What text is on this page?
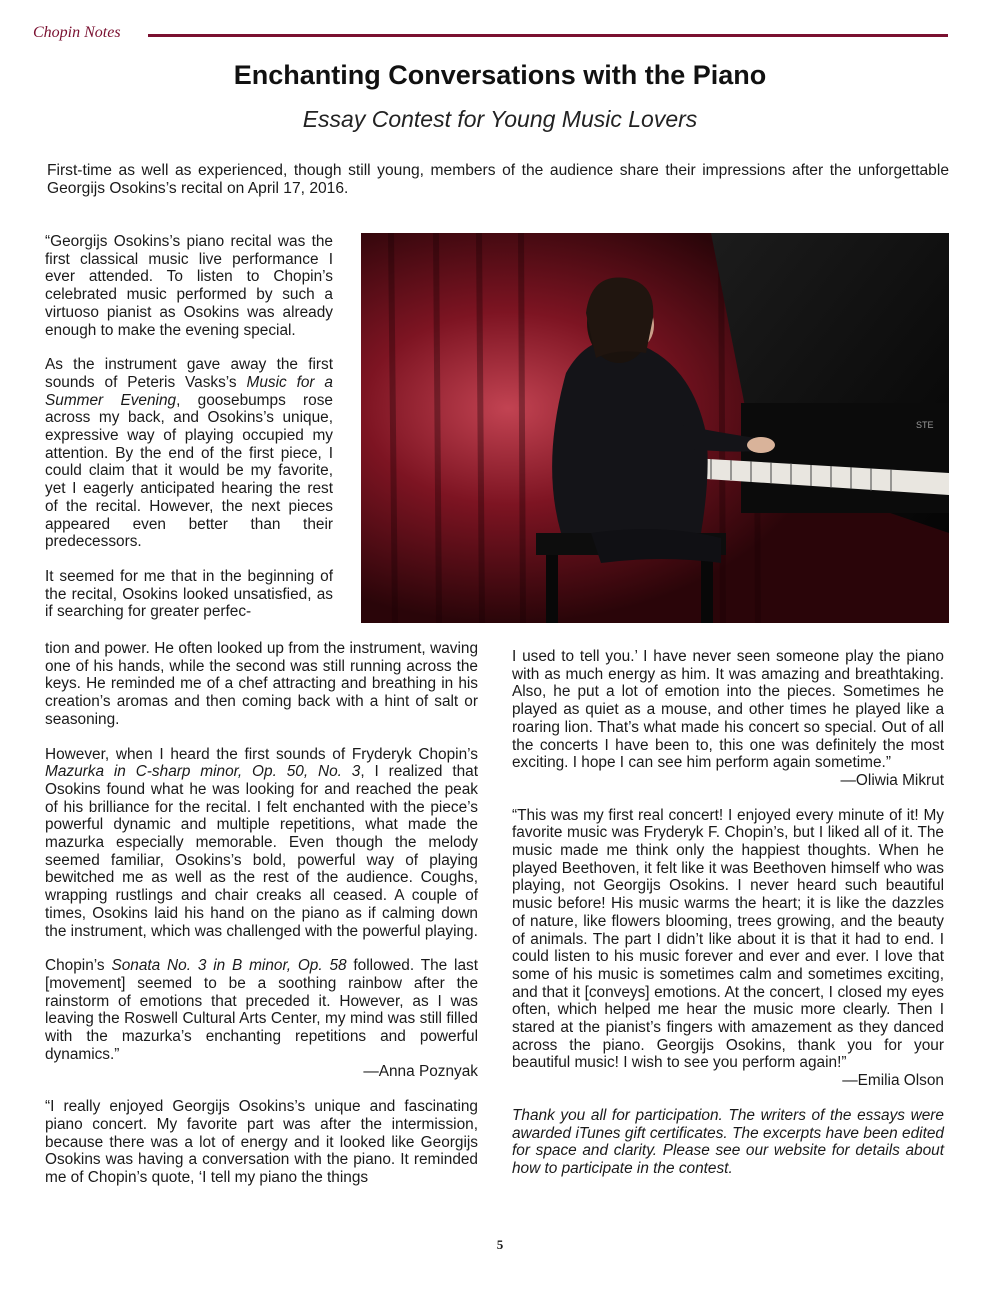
Chopin Notes
Enchanting Conversations with the Piano
Essay Contest for Young Music Lovers
First-time as well as experienced, though still young, members of the audience share their impressions after the unforgettable Georgijs Osokins’s recital on April 17, 2016.

“Georgijs Osokins’s piano recital was the first classical music live performance I ever attended. To listen to Chopin’s celebrated music performed by such a virtuoso pianist as Osokins was already enough to make the evening special.

As the instrument gave away the first sounds of Peteris Vasks’s Music for a Summer Evening, goosebumps rose across my back, and Osokins’s unique, expressive way of playing occupied my attention. By the end of the first piece, I could claim that it would be my favorite, yet I eagerly anticipated hearing the rest of the recital. However, the next pieces appeared even better than their predecessors.

It seemed for me that in the beginning of the recital, Osokins looked unsatisfied, as if searching for greater perfec-

STE

tion and power. He often looked up from the instrument, waving one of his hands, while the second was still running across the keys. He reminded me of a chef attracting and breathing in his creation’s aromas and then coming back with a hint of salt or seasoning.

However, when I heard the first sounds of Fryderyk Chopin’s Mazurka in C-sharp minor, Op. 50, No. 3, I realized that Osokins found what he was looking for and reached the peak of his brilliance for the recital. I felt enchanted with the piece’s powerful dynamic and multiple repetitions, what made the mazurka especially memorable. Even though the melody seemed familiar, Osokins’s bold, powerful way of playing bewitched me as well as the rest of the audience. Coughs, wrapping rustlings and chair creaks all ceased. A couple of times, Osokins laid his hand on the piano as if calming down the instrument, which was challenged with the powerful playing.

Chopin’s Sonata No. 3 in B minor, Op. 58 followed. The last [movement] seemed to be a soothing rainbow after the rainstorm of emotions that preceded it. However, as I was leaving the Roswell Cultural Arts Center, my mind was still filled with the mazurka’s enchanting repetitions and powerful dynamics.”

—Anna Poznyak

“I really enjoyed Georgijs Osokins’s unique and fascinating piano concert. My favorite part was after the intermission, because there was a lot of energy and it looked like Georgijs Osokins was having a conversation with the piano. It reminded me of Chopin’s quote, ‘I tell my piano the things

I used to tell you.’ I have never seen someone play the piano with as much energy as him. It was amazing and breathtaking. Also, he put a lot of emotion into the pieces. Sometimes he played as quiet as a mouse, and other times he played like a roaring lion. That’s what made his concert so special. Out of all the concerts I have been to, this one was definitely the most exciting. I hope I can see him perform again sometime.”

—Oliwia Mikrut

“This was my first real concert! I enjoyed every minute of it! My favorite music was Fryderyk F. Chopin’s, but I liked all of it. The music made me think only the happiest thoughts. When he played Beethoven, it felt like it was Beethoven himself who was playing, not Georgijs Osokins. I never heard such beautiful music before! His music warms the heart; it is like the dazzles of nature, like flowers blooming, trees growing, and the beauty of animals. The part I didn’t like about it is that it had to end. I could listen to his music forever and ever and ever. I love that some of his music is sometimes calm and sometimes exciting, and that it [conveys] emotions. At the concert, I closed my eyes often, which helped me hear the music more clearly. Then I stared at the pianist’s fingers with amazement as they danced across the piano. Georgijs Osokins, thank you for your beautiful music! I wish to see you perform again!”

—Emilia Olson

Thank you all for participation. The writers of the essays were awarded iTunes gift certificates. The excerpts have been edited for space and clarity. Please see our website for details about how to participate in the contest.

5
